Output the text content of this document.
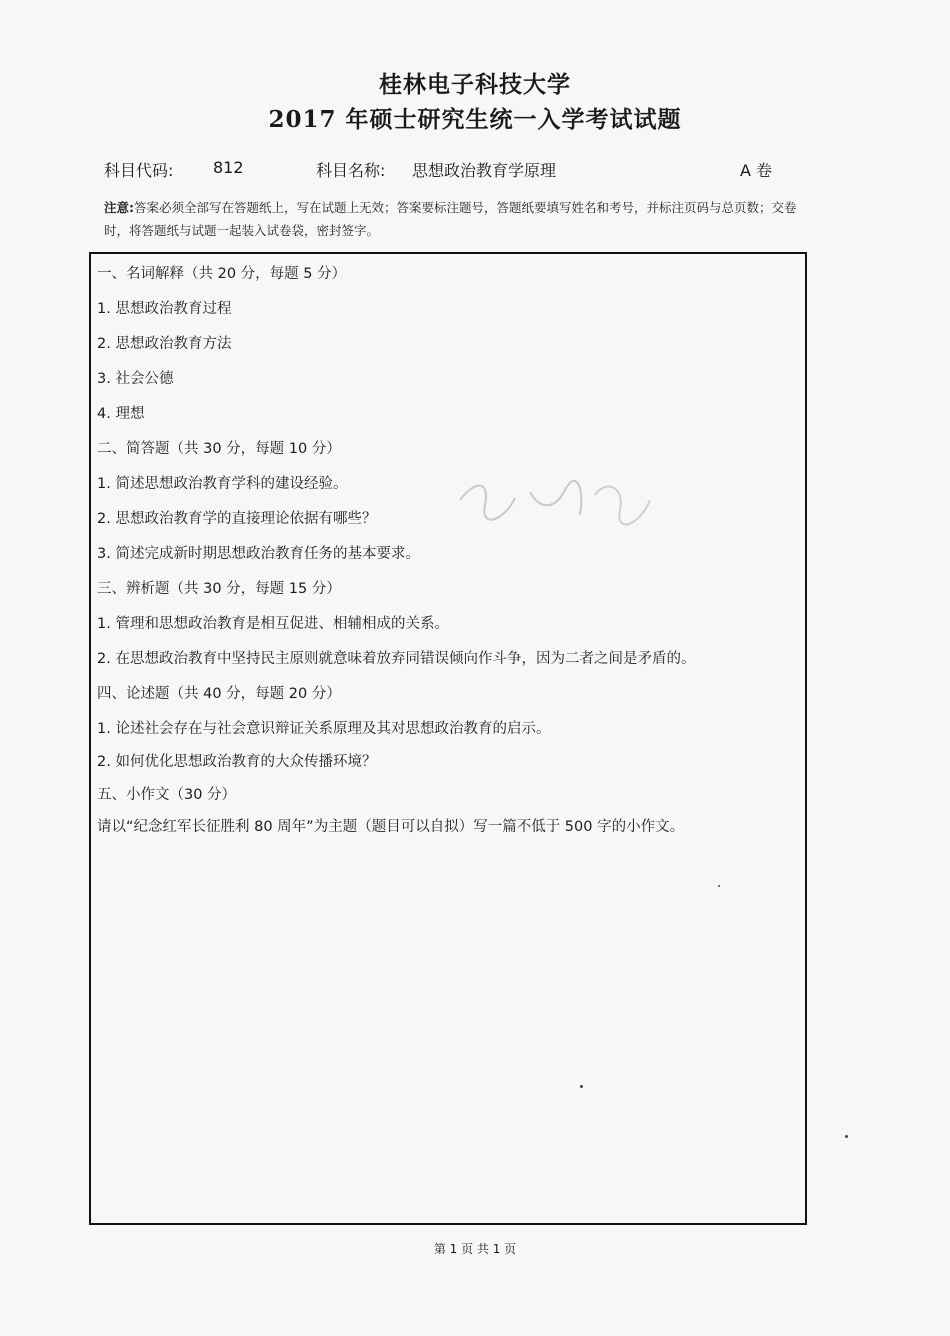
桂林电子科技大学
2017 年硕士研究生统一入学考试试题
科目代码: 812	科目名称: 思想政治教育学原理	A 卷
注意:答案必须全部写在答题纸上，写在试题上无效；答案要标注题号，答题纸要填写姓名和考号，并标注页码与总页数；交卷时，将答题纸与试题一起装入试卷袋，密封签字。
一、名词解释（共 20 分，每题 5 分）
1. 思想政治教育过程
2. 思想政治教育方法
3. 社会公德
4. 理想
二、简答题（共 30 分，每题 10 分）
1. 简述思想政治教育学科的建设经验。
2. 思想政治教育学的直接理论依据有哪些？
3. 简述完成新时期思想政治教育任务的基本要求。
三、辨析题（共 30 分，每题 15 分）
1. 管理和思想政治教育是相互促进、相辅相成的关系。
2. 在思想政治教育中坚持民主原则就意味着放弃同错误倾向作斗争，因为二者之间是矛盾的。
四、论述题（共 40 分，每题 20 分）
1. 论述社会存在与社会意识辩证关系原理及其对思想政治教育的启示。
2. 如何优化思想政治教育的大众传播环境？
五、小作文（30 分）
请以“纪念红军长征胜利 80 周年”为主题（题目可以自拟）写一篇不低于 500 字的小作文。
第 1 页 共 1 页
